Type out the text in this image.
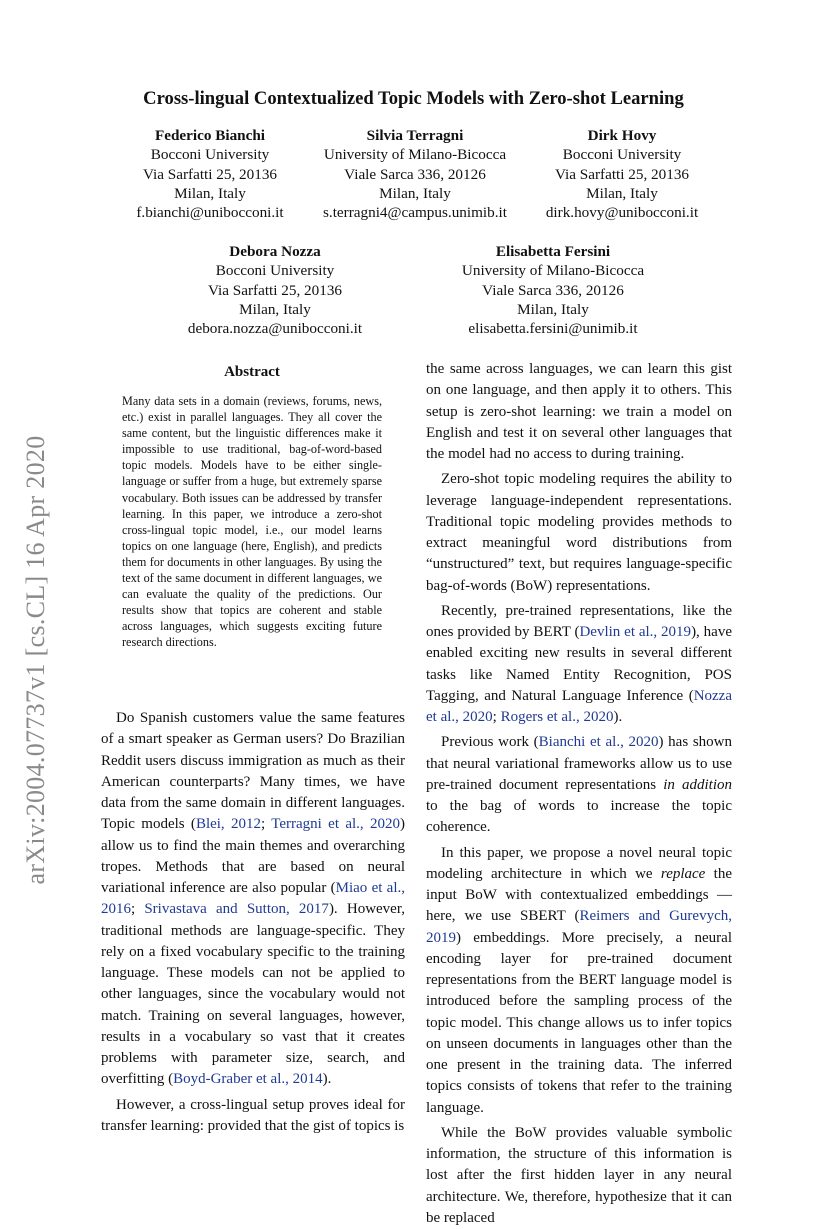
arXiv:2004.07737v1 [cs.CL] 16 Apr 2020
Cross-lingual Contextualized Topic Models with Zero-shot Learning
Federico Bianchi
Bocconi University
Via Sarfatti 25, 20136
Milan, Italy
f.bianchi@unibocconi.it
Silvia Terragni
University of Milano-Bicocca
Viale Sarca 336, 20126
Milan, Italy
s.terragni4@campus.unimib.it
Dirk Hovy
Bocconi University
Via Sarfatti 25, 20136
Milan, Italy
dirk.hovy@unibocconi.it
Debora Nozza
Bocconi University
Via Sarfatti 25, 20136
Milan, Italy
debora.nozza@unibocconi.it
Elisabetta Fersini
University of Milano-Bicocca
Viale Sarca 336, 20126
Milan, Italy
elisabetta.fersini@unimib.it
Abstract
Many data sets in a domain (reviews, forums, news, etc.) exist in parallel languages. They all cover the same content, but the linguistic differences make it impossible to use traditional, bag-of-word-based topic models. Models have to be either single-language or suffer from a huge, but extremely sparse vocabulary. Both issues can be addressed by transfer learning. In this paper, we introduce a zero-shot cross-lingual topic model, i.e., our model learns topics on one language (here, English), and predicts them for documents in other languages. By using the text of the same document in different languages, we can evaluate the quality of the predictions. Our results show that topics are coherent and stable across languages, which suggests exciting future research directions.

Do Spanish customers value the same features of a smart speaker as German users? Do Brazilian Reddit users discuss immigration as much as their American counterparts? Many times, we have data from the same domain in different languages. Topic models (Blei, 2012; Terragni et al., 2020) allow us to find the main themes and overarching tropes. Methods that are based on neural variational inference are also popular (Miao et al., 2016; Srivastava and Sutton, 2017). However, traditional methods are language-specific. They rely on a fixed vocabulary specific to the training language. These models can not be applied to other languages, since the vocabulary would not match. Training on several languages, however, results in a vocabulary so vast that it creates problems with parameter size, search, and overfitting (Boyd-Graber et al., 2014).

However, a cross-lingual setup proves ideal for transfer learning: provided that the gist of topics is

the same across languages, we can learn this gist on one language, and then apply it to others. This setup is zero-shot learning: we train a model on English and test it on several other languages that the model had no access to during training.

Zero-shot topic modeling requires the ability to leverage language-independent representations. Traditional topic modeling provides methods to extract meaningful word distributions from “unstructured” text, but requires language-specific bag-of-words (BoW) representations.

Recently, pre-trained representations, like the ones provided by BERT (Devlin et al., 2019), have enabled exciting new results in several different tasks like Named Entity Recognition, POS Tagging, and Natural Language Inference (Nozza et al., 2020; Rogers et al., 2020).

Previous work (Bianchi et al., 2020) has shown that neural variational frameworks allow us to use pre-trained document representations in addition to the bag of words to increase the topic coherence.

In this paper, we propose a novel neural topic modeling architecture in which we replace the input BoW with contextualized embeddings — here, we use SBERT (Reimers and Gurevych, 2019) embeddings. More precisely, a neural encoding layer for pre-trained document representations from the BERT language model is introduced before the sampling process of the topic model. This change allows us to infer topics on unseen documents in languages other than the one present in the training data. The inferred topics consists of tokens that refer to the training language.

While the BoW provides valuable symbolic information, the structure of this information is lost after the first hidden layer in any neural architecture. We, therefore, hypothesize that it can be replaced
